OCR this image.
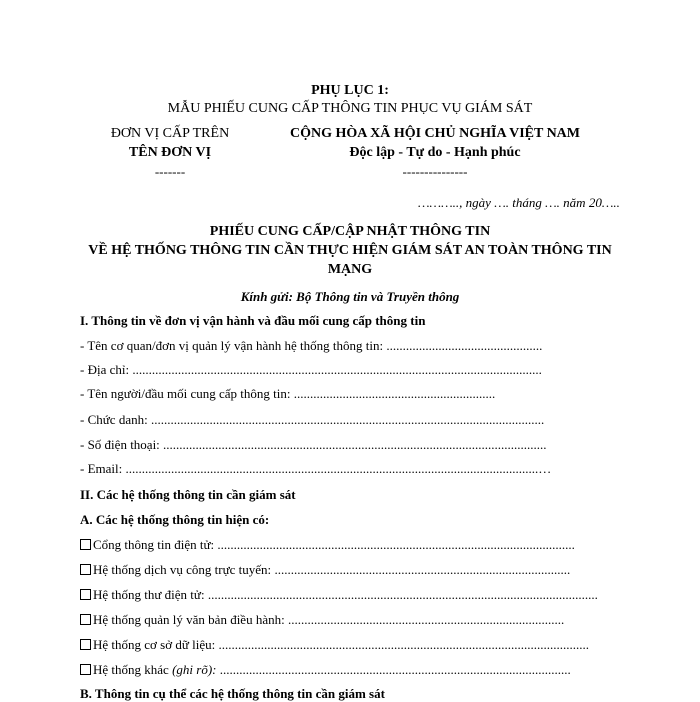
PHỤ LỤC 1:
MẪU PHIẾU CUNG CẤP THÔNG TIN PHỤC VỤ GIÁM SÁT
ĐƠN VỊ CẤP TRÊN
TÊN ĐƠN VỊ
-------
CỘNG HÒA XÃ HỘI CHỦ NGHĨA VIỆT NAM
Độc lập - Tự do - Hạnh phúc
---------------
……….., ngày …. tháng …. năm 20…..
PHIẾU CUNG CẤP/CẬP NHẬT THÔNG TIN
VỀ HỆ THỐNG THÔNG TIN CẦN THỰC HIỆN GIÁM SÁT AN TOÀN THÔNG TIN
MẠNG
Kính gửi: Bộ Thông tin và Truyền thông
I. Thông tin về đơn vị vận hành và đầu mối cung cấp thông tin
- Tên cơ quan/đơn vị quản lý vận hành hệ thống thông tin: ................................................
- Địa chỉ: ..............................................................................................................................
- Tên người/đầu mối cung cấp thông tin: ..............................................................
- Chức danh: .........................................................................................................................
- Số điện thoại: ......................................................................................................................
- Email: ...............................................................................................................................…
II. Các hệ thống thông tin cần giám sát
A. Các hệ thống thông tin hiện có:
Cổng thông tin điện tử: ..............................................................................................................
Hệ thống dịch vụ công trực tuyến: ...........................................................................................
Hệ thống thư điện tử: ........................................................................................................................
Hệ thống quản lý văn bản điều hành: .....................................................................................
Hệ thống cơ sở dữ liệu: ..................................................................................................................
Hệ thống khác (ghi rõ): ............................................................................................................
B. Thông tin cụ thể các hệ thống thông tin cần giám sát
